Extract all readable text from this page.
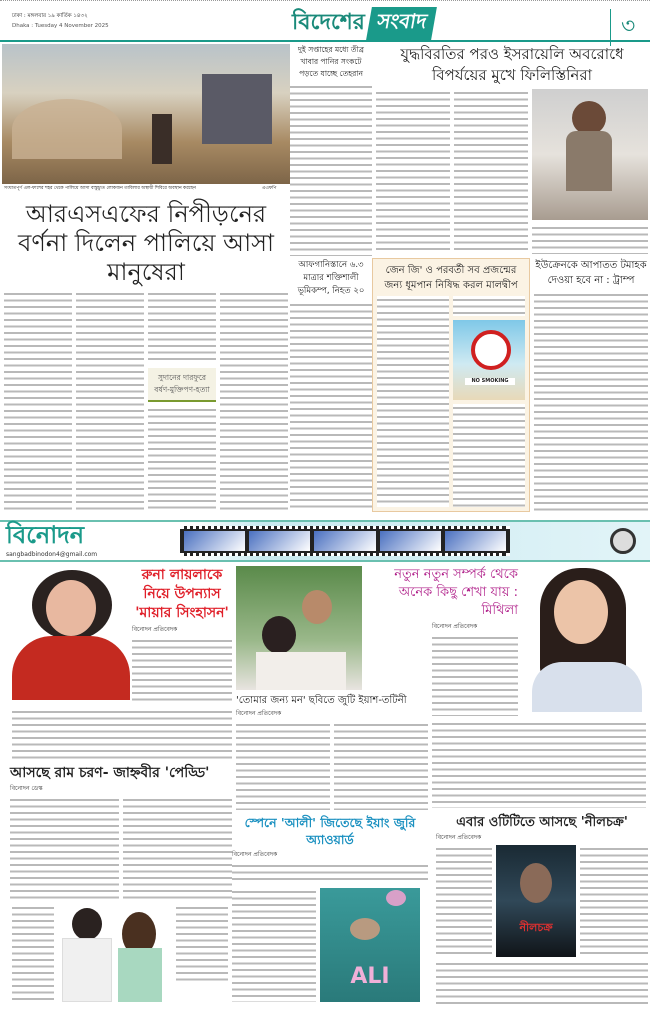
ঢাকা : মঙ্গলবার ১৯ কার্তিক ১৪৩২
Dhaka : Tuesday 4 November 2025	বিদেশের সংবাদ	৩
সংঘাতপূর্ণ এল-ফাশের শহর থেকে পালিয়ে আসা বাস্তুচ্যুত লোকজন তাবিলার অস্থায়ী শিবিরে অবস্থান করছেন	এএফপি
আরএসএফের নিপীড়নের বর্ণনা দিলেন পালিয়ে আসা মানুষেরা
সুদানের দারফুরে বর্ষণ-মুক্তিপণ-হত্যা
দুই সপ্তাহের মধ্যে তীব্র খাবার পানির সংকটে পড়তে যাচ্ছে তেহরান
আফগানিস্তানে ৬.৩ মাত্রার শক্তিশালী ভূমিকম্প, নিহত ২০
যুদ্ধবিরতির পরও ইসরায়েলি অবরোধে বিপর্যয়ের মুখে ফিলিস্তিনিরা
জেন জি' ও পরবর্তী সব প্রজন্মের জন্য ধূমপান নিষিদ্ধ করল মালদ্বীপ
NO SMOKING
ইউক্রেনকে আপাতত টমাহক দেওয়া হবে না : ট্রাম্প
বিনোদন
sangbadbinodon4@gmail.com
রুনা লায়লাকে নিয়ে উপন্যাস 'মায়ার সিংহাসন'
বিনোদন প্রতিবেদক
'তোমার জন্য মন' ছবিতে জুটি ইয়াশ-তটিনী
বিনোদন প্রতিবেদক
নতুন নতুন সম্পর্ক থেকে অনেক কিছু শেখা যায় : মিথিলা
বিনোদন প্রতিবেদক
আসছে রাম চরণ- জাহ্নবীর 'পেড্ডি'
বিনোদন ডেস্ক
স্পেনে 'আলী' জিতেছে ইয়াং জুরি অ্যাওয়ার্ড
বিনোদন প্রতিবেদক
ALI
এবার ওটিটিতে আসছে 'নীলচক্র'
বিনোদন প্রতিবেদক
নীলচক্র
